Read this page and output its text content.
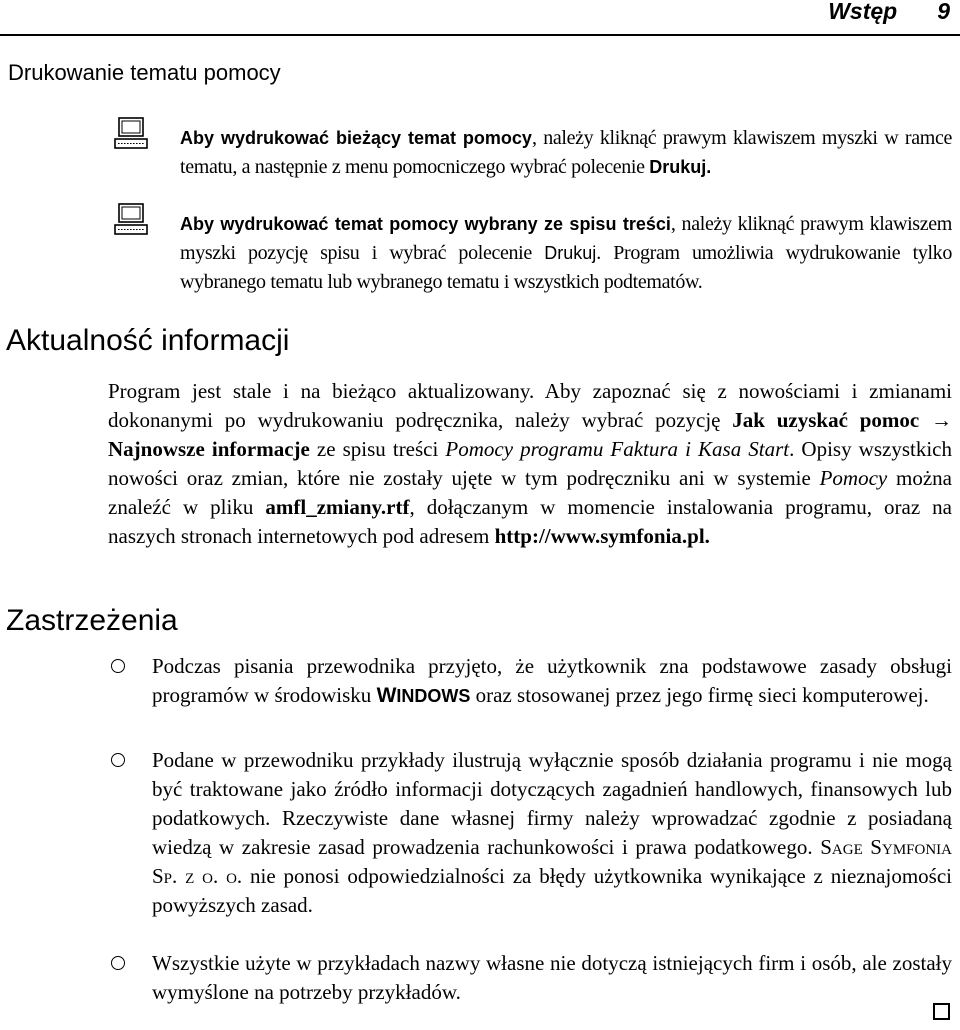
Wstęp 9
Drukowanie tematu pomocy
Aby wydrukować bieżący temat pomocy, należy kliknąć prawym klawiszem myszki w ramce tematu, a następnie z menu pomocniczego wybrać polecenie Drukuj.
Aby wydrukować temat pomocy wybrany ze spisu treści, należy kliknąć prawym klawiszem myszki pozycję spisu i wybrać polecenie Drukuj. Program umożliwia wydrukowanie tylko wybranego tematu lub wybranego tematu i wszystkich podtematów.
Aktualność informacji
Program jest stale i na bieżąco aktualizowany. Aby zapoznać się z nowościami i zmianami dokonanymi po wydrukowaniu podręcznika, należy wybrać pozycję Jak uzyskać pomoc → Najnowsze informacje ze spisu treści Pomocy programu Faktura i Kasa Start. Opisy wszystkich nowości oraz zmian, które nie zostały ujęte w tym podręczniku ani w systemie Pomocy można znaleźć w pliku amfl_zmiany.rtf, dołączanym w momencie instalowania programu, oraz na naszych stronach internetowych pod adresem http://www.symfonia.pl.
Zastrzeżenia
Podczas pisania przewodnika przyjęto, że użytkownik zna podstawowe zasady obsługi programów w środowisku WINDOWS oraz stosowanej przez jego firmę sieci komputerowej.
Podane w przewodniku przykłady ilustrują wyłącznie sposób działania programu i nie mogą być traktowane jako źródło informacji dotyczących zagadnień handlowych, finansowych lub podatkowych. Rzeczywiste dane własnej firmy należy wprowadzać zgodnie z posiadaną wiedzą w zakresie zasad prowadzenia rachunkowości i prawa podatkowego. Sage Symfonia Sp. z o. o. nie ponosi odpowiedzialności za błędy użytkownika wynikające z nieznajomości powyższych zasad.
Wszystkie użyte w przykładach nazwy własne nie dotyczą istniejących firm i osób, ale zostały wymyślone na potrzeby przykładów.
